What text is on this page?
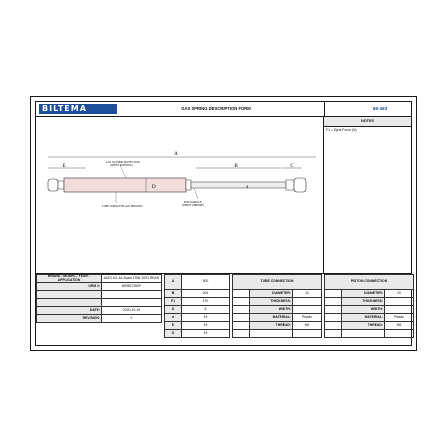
BILTEMA	GAS SPRING DESCRIPTION FORM	68-493
A
E	B	C
D	d
GAS OUTSIDE PROTECTION (WHITE PAINTING)
TUBE SURFACE BLACK PRINTING
ROD SURFACE (WHITE CHROME)
NOTES
F1 = Eject Force (N)
BRAND - MODEL - YEAR - APPLICATION	AUDI A3, A4 Avant 1996 2003 REAR

OEM #:	8D9827552F

DATE:	2020-10-19
REVISION:	0
A	500

B	204
F1	470
D	8
d	18
E	18
G	18
TUBE CONNECTION		
	DIAMETER:	10
	THICKNESS:	
	WIDTH:	
	MATERIAL:	Plastic
	THREAD:	M6

PISTON CONNECTION		
	DIAMETER:	10
	THICKNESS:	
	WIDTH:	
	MATERIAL:	Plastic
	THREAD:	M6
